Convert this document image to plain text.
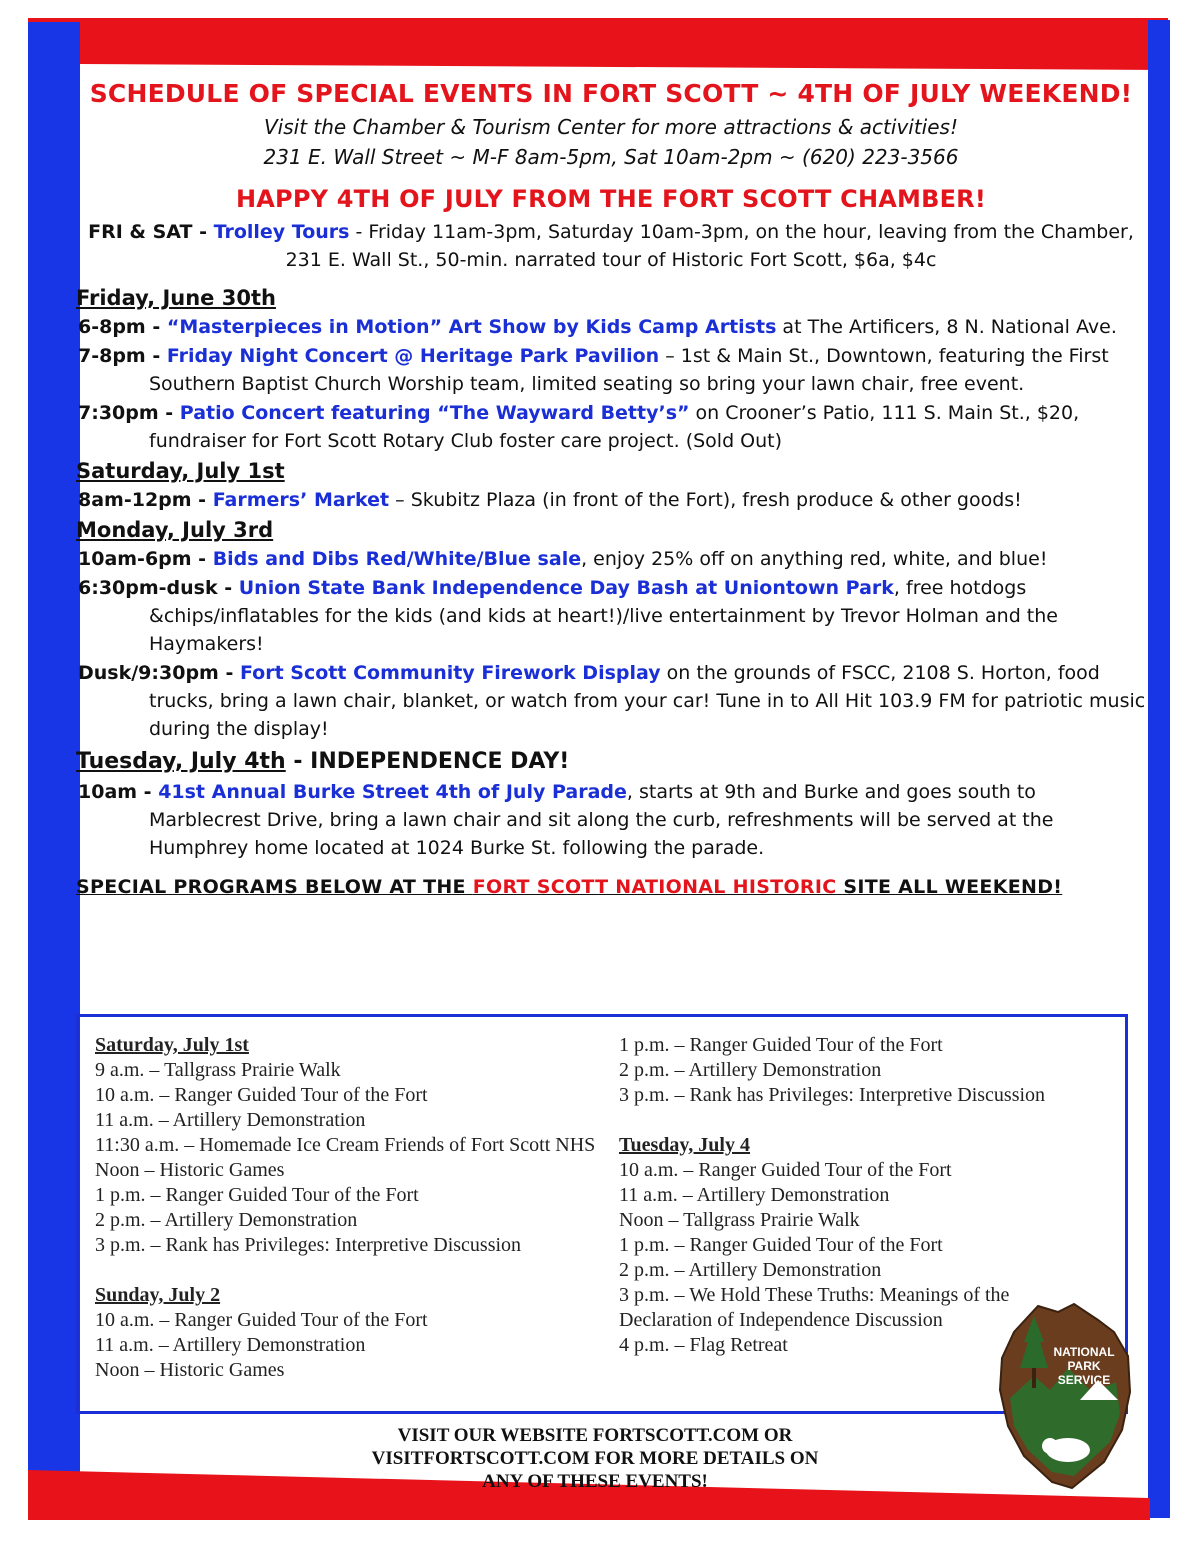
SCHEDULE OF SPECIAL EVENTS IN FORT SCOTT ~ 4TH OF JULY WEEKEND!
Visit the Chamber & Tourism Center for more attractions & activities!
231 E. Wall Street ~ M-F 8am-5pm, Sat 10am-2pm ~ (620) 223-3566
HAPPY 4TH OF JULY FROM THE FORT SCOTT CHAMBER!
FRI & SAT - Trolley Tours - Friday 11am-3pm, Saturday 10am-3pm, on the hour, leaving from the Chamber, 231 E. Wall St., 50-min. narrated tour of Historic Fort Scott, $6a, $4c
Friday, June 30th
6-8pm - “Masterpieces in Motion” Art Show by Kids Camp Artists at The Artificers, 8 N. National Ave.
7-8pm - Friday Night Concert @ Heritage Park Pavilion – 1st & Main St., Downtown, featuring the First Southern Baptist Church Worship team, limited seating so bring your lawn chair, free event.
7:30pm - Patio Concert featuring “The Wayward Betty’s” on Crooner’s Patio, 111 S. Main St., $20, fundraiser for Fort Scott Rotary Club foster care project. (Sold Out)
Saturday, July 1st
8am-12pm - Farmers’ Market – Skubitz Plaza (in front of the Fort), fresh produce & other goods!
Monday, July 3rd
10am-6pm - Bids and Dibs Red/White/Blue sale, enjoy 25% off on anything red, white, and blue!
6:30pm-dusk - Union State Bank Independence Day Bash at Uniontown Park, free hotdogs &chips/inflatables for the kids (and kids at heart!)/live entertainment by Trevor Holman and the Haymakers!
Dusk/9:30pm - Fort Scott Community Firework Display on the grounds of FSCC, 2108 S. Horton, food trucks, bring a lawn chair, blanket, or watch from your car! Tune in to All Hit 103.9 FM for patriotic music during the display!
Tuesday, July 4th - INDEPENDENCE DAY!
10am - 41st Annual Burke Street 4th of July Parade, starts at 9th and Burke and goes south to Marblecrest Drive, bring a lawn chair and sit along the curb, refreshments will be served at the Humphrey home located at 1024 Burke St. following the parade.
SPECIAL PROGRAMS BELOW AT THE FORT SCOTT NATIONAL HISTORIC SITE ALL WEEKEND!
Saturday, July 1st
9 a.m. – Tallgrass Prairie Walk
10 a.m. – Ranger Guided Tour of the Fort
11 a.m. – Artillery Demonstration
11:30 a.m. – Homemade Ice Cream Friends of Fort Scott NHS
Noon – Historic Games
1 p.m. – Ranger Guided Tour of the Fort
2 p.m. – Artillery Demonstration
3 p.m. – Rank has Privileges: Interpretive Discussion
Sunday, July 2
10 a.m. – Ranger Guided Tour of the Fort
11 a.m. – Artillery Demonstration
Noon – Historic Games
1 p.m. – Ranger Guided Tour of the Fort
2 p.m. – Artillery Demonstration
3 p.m. – Rank has Privileges: Interpretive Discussion
Tuesday, July 4
10 a.m. – Ranger Guided Tour of the Fort
11 a.m. – Artillery Demonstration
Noon – Tallgrass Prairie Walk
1 p.m. – Ranger Guided Tour of the Fort
2 p.m. – Artillery Demonstration
3 p.m. – We Hold These Truths: Meanings of the Declaration of Independence Discussion
4 p.m. – Flag Retreat
VISIT OUR WEBSITE FORTSCOTT.COM OR
VISITFORTSCOTT.COM FOR MORE DETAILS ON
ANY OF THESE EVENTS!
NATIONAL
PARK
SERVICE
